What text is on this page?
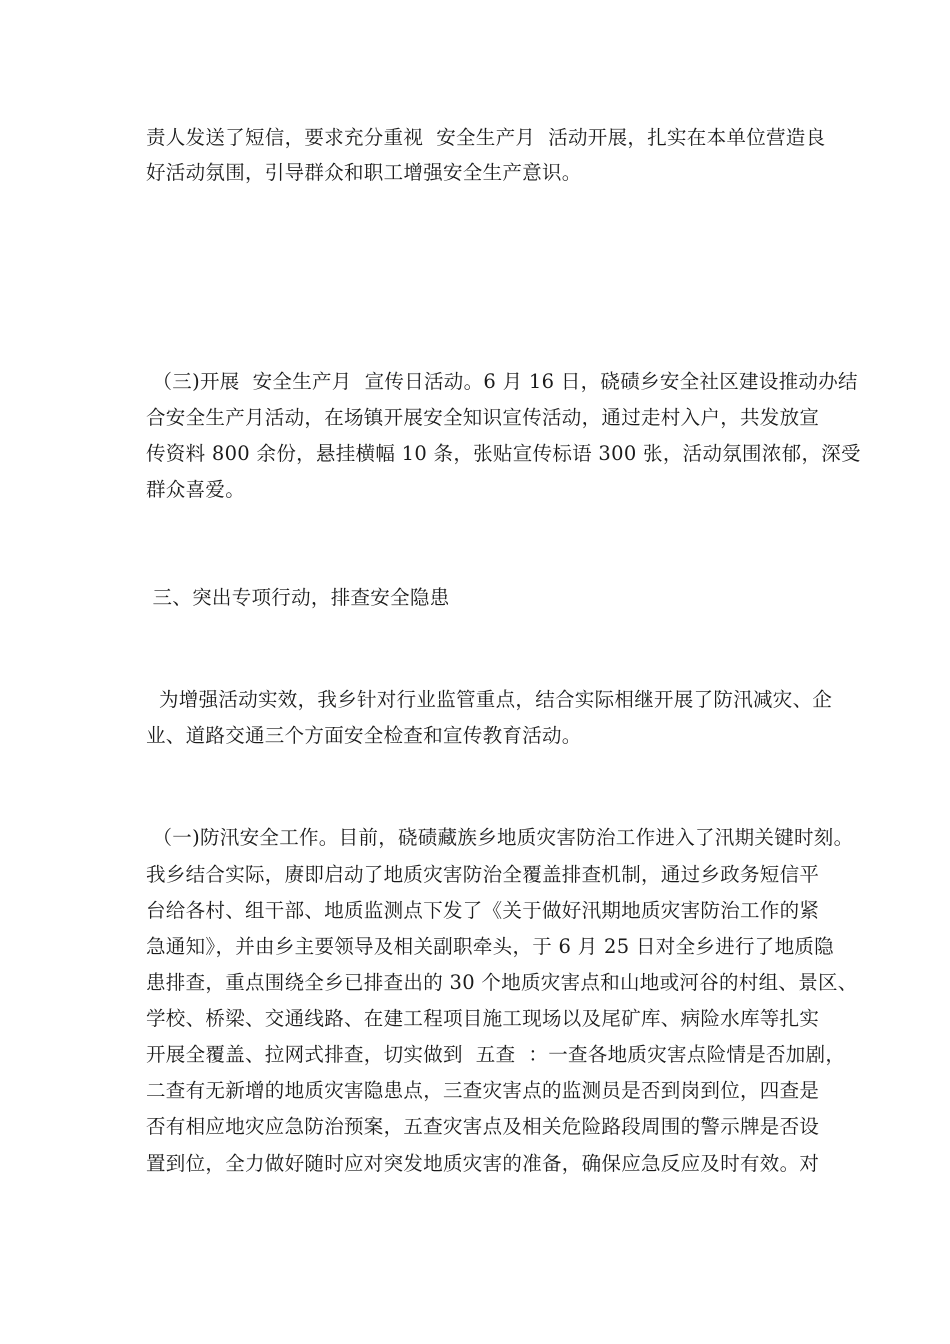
责人发送了短信，要求充分重视  安全生产月  活动开展，扎实在本单位营造良
好活动氛围，引导群众和职工增强安全生产意识。
（三)开展  安全生产月  宣传日活动。6 月 16 日，硗碛乡安全社区建设推动办结
合安全生产月活动，在场镇开展安全知识宣传活动，通过走村入户，共发放宣
传资料 800 余份，悬挂横幅 10 条，张贴宣传标语 300 张，活动氛围浓郁，深受
群众喜爱。
三、突出专项行动，排查安全隐患
为增强活动实效，我乡针对行业监管重点，结合实际相继开展了防汛减灾、企
业、道路交通三个方面安全检查和宣传教育活动。
（一)防汛安全工作。目前，硗碛藏族乡地质灾害防治工作进入了汛期关键时刻。
我乡结合实际，赓即启动了地质灾害防治全覆盖排查机制，通过乡政务短信平
台给各村、组干部、地质监测点下发了《关于做好汛期地质灾害防治工作的紧
急通知》，并由乡主要领导及相关副职牵头，于 6 月 25 日对全乡进行了地质隐
患排查，重点围绕全乡已排查出的 30 个地质灾害点和山地或河谷的村组、景区、
学校、桥梁、交通线路、在建工程项目施工现场以及尾矿库、病险水库等扎实
开展全覆盖、拉网式排查，切实做到  五查  ：一查各地质灾害点险情是否加剧，
二查有无新增的地质灾害隐患点，三查灾害点的监测员是否到岗到位，四查是
否有相应地灾应急防治预案，五查灾害点及相关危险路段周围的警示牌是否设
置到位，全力做好随时应对突发地质灾害的准备，确保应急反应及时有效。对
